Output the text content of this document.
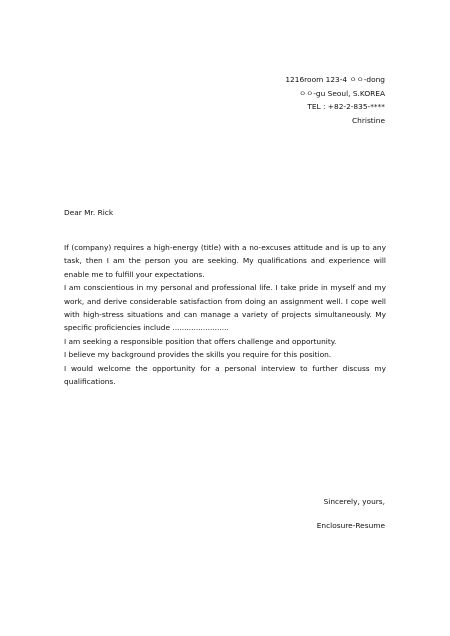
1216room 123-4 ㅇㅇ-dong
ㅇㅇ-gu Seoul, S.KOREA
TEL : +82-2-835-****
Christine
Dear Mr. Rick

If (company) requires a high-energy (title) with a no-excuses attitude and is up to any task, then I am the person you are seeking. My qualifications and experience will enable me to fulfill your expectations.

I am conscientious in my personal and professional life. I take pride in myself and my work, and derive considerable satisfaction from doing an assignment well. I cope well with high-stress situations and can manage a variety of projects simultaneously. My specific proficiencies include ........................

I am seeking a responsible position that offers challenge and opportunity.

I believe my background provides the skills you require for this position.

I would welcome the opportunity for a personal interview to further discuss my qualifications.

Sincerely, yours,
Enclosure-Resume
